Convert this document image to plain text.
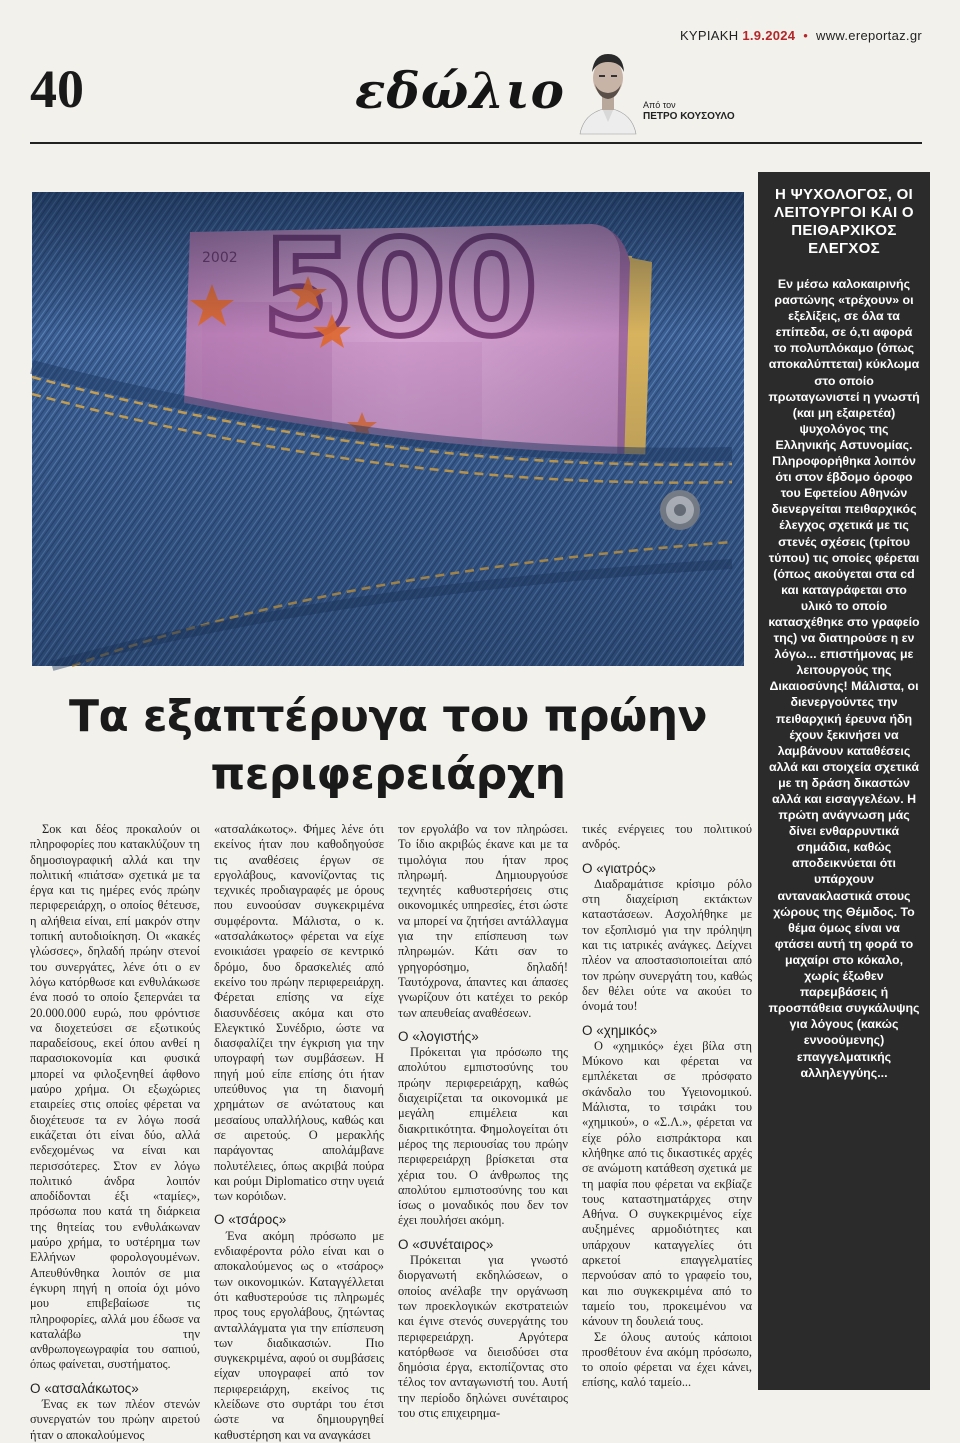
ΚΥΡΙΑΚΗ 1.9.2024 • www.ereportaz.gr
40	εδώλιο	Από τον
ΠΕΤΡΟ ΚΟΥΣΟΥΛΟ
Τα εξαπτέρυγα του πρώην
περιφερειάρχη

Σοκ και δέος προκαλούν οι πληροφορίες που κατακλύζουν τη δημοσιογραφική αλλά και την πολιτική «πιάτσα» σχετικά με τα έργα και τις ημέρες ενός πρώην περιφερειάρχη, ο οποίος θέτευσε, η αλήθεια είναι, επί μακρόν στην τοπική αυτοδιοίκηση. Οι «κακές γλώσσες», δηλαδή πρώην στενοί του συνεργάτες, λένε ότι ο εν λόγω κατόρθωσε και ενθυλάκωσε ένα ποσό το οποίο ξεπερνάει τα 20.000.000 ευρώ, που φρόντισε να διοχετεύσει σε εξωτικούς παραδείσους, εκεί όπου ανθεί η παρασιοκονομία και φυσικά μπορεί να φιλοξενηθεί άφθονο μαύρο χρήμα. Οι εξωχώριες εταιρείες στις οποίες φέρεται να διοχέτευσε τα εν λόγω ποσά εικάζεται ότι είναι δύο, αλλά ενδεχομένως να είναι και περισσότερες. Στον εν λόγω πολιτικό άνδρα λοιπόν αποδίδονται έξι «ταμίες», πρόσωπα που κατά τη διάρκεια της θητείας του ενθυλάκωναν μαύρο χρήμα, το υστέρημα των Ελλήνων φορολογουμένων. Απευθύνθηκα λοιπόν σε μια έγκυρη πηγή η οποία όχι μόνο μου επιβεβαίωσε τις πληροφορίες, αλλά μου έδωσε να καταλάβω την ανθρωπογεωγραφία του σαπιού, όπως φαίνεται, συστήματος.

Ο «ατσαλάκωτος»

Ένας εκ των πλέον στενών συνεργατών του πρώην αιρετού ήταν ο αποκαλούμενος

«ατσαλάκωτος». Φήμες λένε ότι εκείνος ήταν που καθοδηγούσε τις αναθέσεις έργων σε εργολάβους, κανονίζοντας τις τεχνικές προδιαγραφές με όρους που ευνοούσαν συγκεκριμένα συμφέροντα. Μάλιστα, ο κ. «ατσαλάκωτος» φέρεται να είχε ενοικιάσει γραφείο σε κεντρικό δρόμο, δυο δρασκελιές από εκείνο του πρώην περιφερειάρχη. Φέρεται επίσης να είχε διασυνδέσεις ακόμα και στο Ελεγκτικό Συνέδριο, ώστε να διασφαλίζει την έγκριση για την υπογραφή των συμβάσεων. Η πηγή μού είπε επίσης ότι ήταν υπεύθυνος για τη διανομή χρημάτων σε ανώτατους και μεσαίους υπαλλήλους, καθώς και σε αιρετούς. Ο μερακλής παράγοντας απολάμβανε πολυτέλειες, όπως ακριβά πούρα και ρούμι Diplomatico στην υγειά των κορόιδων.

Ο «τσάρος»

Ένα ακόμη πρόσωπο με ενδιαφέροντα ρόλο είναι και ο αποκαλούμενος ως ο «τσάρος» των οικονομικών. Καταγγέλλεται ότι καθυστερούσε τις πληρωμές προς τους εργολάβους, ζητώντας ανταλλάγματα για την επίσπευση των διαδικασιών. Πιο συγκεκριμένα, αφού οι συμβάσεις είχαν υπογραφεί από τον περιφερειάρχη, εκείνος τις κλείδωνε στο συρτάρι του έτσι ώστε να δημιουργηθεί καθυστέρηση και να αναγκάσει

τον εργολάβο να τον πληρώσει. Το ίδιο ακριβώς έκανε και με τα τιμολόγια που ήταν προς πληρωμή. Δημιουργούσε τεχνητές καθυστερήσεις στις οικονομικές υπηρεσίες, έτσι ώστε να μπορεί να ζητήσει αντάλλαγμα για την επίσπευση των πληρωμών. Κάτι σαν το γρηγορόσημο, δηλαδή! Ταυτόχρονα, άπαντες και άπασες γνωρίζουν ότι κατέχει το ρεκόρ των απευθείας αναθέσεων.

Ο «λογιστής»

Πρόκειται για πρόσωπο της απολύτου εμπιστοσύνης του πρώην περιφερειάρχη, καθώς διαχειρίζεται τα οικονομικά με μεγάλη επιμέλεια και διακριτικότητα. Φημολογείται ότι μέρος της περιουσίας του πρώην περιφερειάρχη βρίσκεται στα χέρια του. Ο άνθρωπος της απολύτου εμπιστοσύνης του και ίσως ο μοναδικός που δεν τον έχει πουλήσει ακόμη.

Ο «συνέταιρος»

Πρόκειται για γνωστό διοργανωτή εκδηλώσεων, ο οποίος ανέλαβε την οργάνωση των προεκλογικών εκστρατειών και έγινε στενός συνεργάτης του περιφερειάρχη. Αργότερα κατόρθωσε να διεισδύσει στα δημόσια έργα, εκτοπίζοντας στο τέλος τον ανταγωνιστή του. Αυτή την περίοδο δηλώνει συνέταιρος του στις επιχειρημα-

τικές ενέργειες του πολιτικού ανδρός.

Ο «γιατρός»

Διαδραμάτισε κρίσιμο ρόλο στη διαχείριση εκτάκτων καταστάσεων. Ασχολήθηκε με τον εξοπλισμό για την πρόληψη και τις ιατρικές ανάγκες. Δείχνει πλέον να αποστασιοποιείται από τον πρώην συνεργάτη του, καθώς δεν θέλει ούτε να ακούει το όνομά του!

Ο «χημικός»

Ο «χημικός» έχει βίλα στη Μύκονο και φέρεται να εμπλέκεται σε πρόσφατο σκάνδαλο του Υγειονομικού. Μάλιστα, το τσιράκι του «χημικού», ο «Σ.Λ.», φέρεται να είχε ρόλο εισπράκτορα και κλήθηκε από τις δικαστικές αρχές σε ανώμοτη κατάθεση σχετικά με τη μαφία που φέρεται να εκβίαζε τους καταστηματάρχες στην Αθήνα. Ο συγκεκριμένος είχε αυξημένες αρμοδιότητες και υπάρχουν καταγγελίες ότι αρκετοί επαγγελματίες περνούσαν από το γραφείο του, και πιο συγκεκριμένα από το ταμείο του, προκειμένου να κάνουν τη δουλειά τους.

Σε όλους αυτούς κάποιοι προσθέτουν ένα ακόμη πρόσωπο, το οποίο φέρεται να έχει κάνει, επίσης, καλό ταμείο...

Η ΨΥΧΟΛΟΓΟΣ, ΟΙ ΛΕΙΤΟΥΡΓΟΙ ΚΑΙ Ο ΠΕΙΘΑΡΧΙΚΟΣ ΕΛΕΓΧΟΣ
Εν μέσω καλοκαιρινής ραστώνης «τρέχουν» οι εξελίξεις, σε όλα τα επίπεδα, σε ό,τι αφορά το πολυπλόκαμο (όπως αποκαλύπτεται) κύκλωμα στο οποίο πρωταγωνιστεί η γνωστή (και μη εξαιρετέα) ψυχολόγος της Ελληνικής Αστυνομίας. Πληροφορήθηκα λοιπόν ότι στον έβδομο όροφο του Εφετείου Αθηνών διενεργείται πειθαρχικός έλεγχος σχετικά με τις στενές σχέσεις (τρίτου τύπου) τις οποίες φέρεται (όπως ακούγεται στα cd και καταγράφεται στο υλικό το οποίο κατασχέθηκε στο γραφείο της) να διατηρούσε η εν λόγω... επιστήμονας με λειτουργούς της Δικαιοσύνης! Μάλιστα, οι διενεργούντες την πειθαρχική έρευνα ήδη έχουν ξεκινήσει να λαμβάνουν καταθέσεις αλλά και στοιχεία σχετικά με τη δράση δικαστών αλλά και εισαγγελέων. Η πρώτη ανάγνωση μάς δίνει ενθαρρυντικά σημάδια, καθώς αποδεικνύεται ότι υπάρχουν αντανακλαστικά στους χώρους της Θέμιδος. Το θέμα όμως είναι να φτάσει αυτή τη φορά το μαχαίρι στο κόκαλο, χωρίς έξωθεν παρεμβάσεις ή προσπάθεια συγκάλυψης για λόγους (κακώς εννοούμενης) επαγγελματικής αλληλεγγύης...
